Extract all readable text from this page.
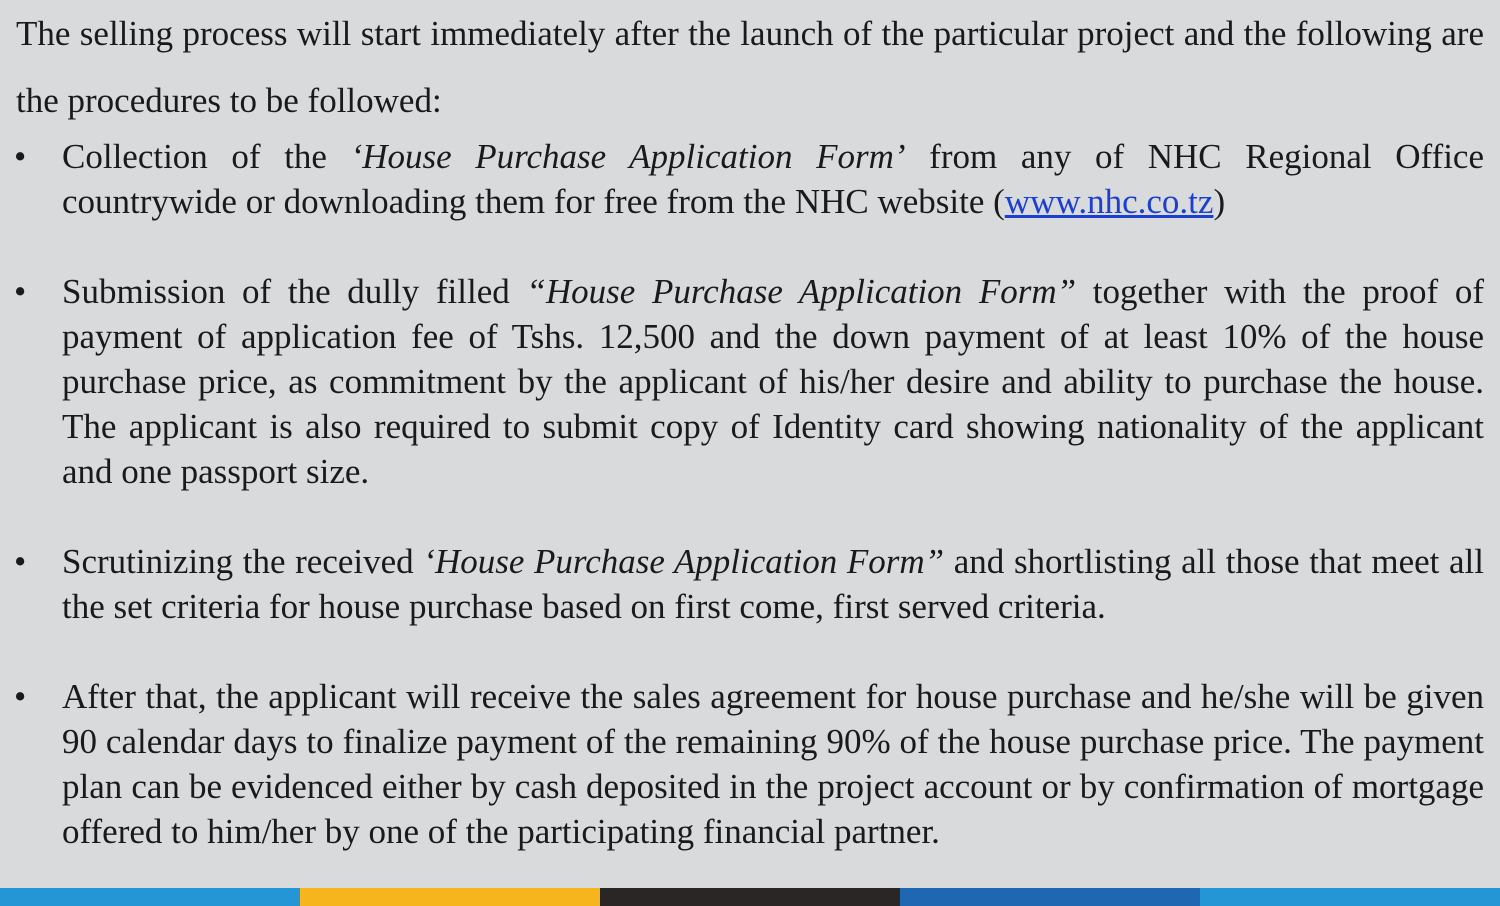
The selling process will start immediately after the launch of the particular project and the following are the procedures to be followed:

• Collection of the ‘House Purchase Application Form’ from any of NHC Regional Office countrywide or downloading them for free from the NHC website (www.nhc.co.tz)
• Submission of the dully filled “House Purchase Application Form” together with the proof of payment of application fee of Tshs. 12,500 and the down payment of at least 10% of the house purchase price, as commitment by the applicant of his/her desire and ability to purchase the house. The applicant is also required to submit copy of Identity card showing nationality of the applicant and one passport size.
• Scrutinizing the received ‘House Purchase Application Form” and shortlisting all those that meet all the set criteria for house purchase based on first come, first served criteria.
• After that, the applicant will receive the sales agreement for house purchase and he/she will be given 90 calendar days to finalize payment of the remaining 90% of the house purchase price. The payment plan can be evidenced either by cash deposited in the project account or by confirmation of mortgage offered to him/her by one of the participating financial partner.
